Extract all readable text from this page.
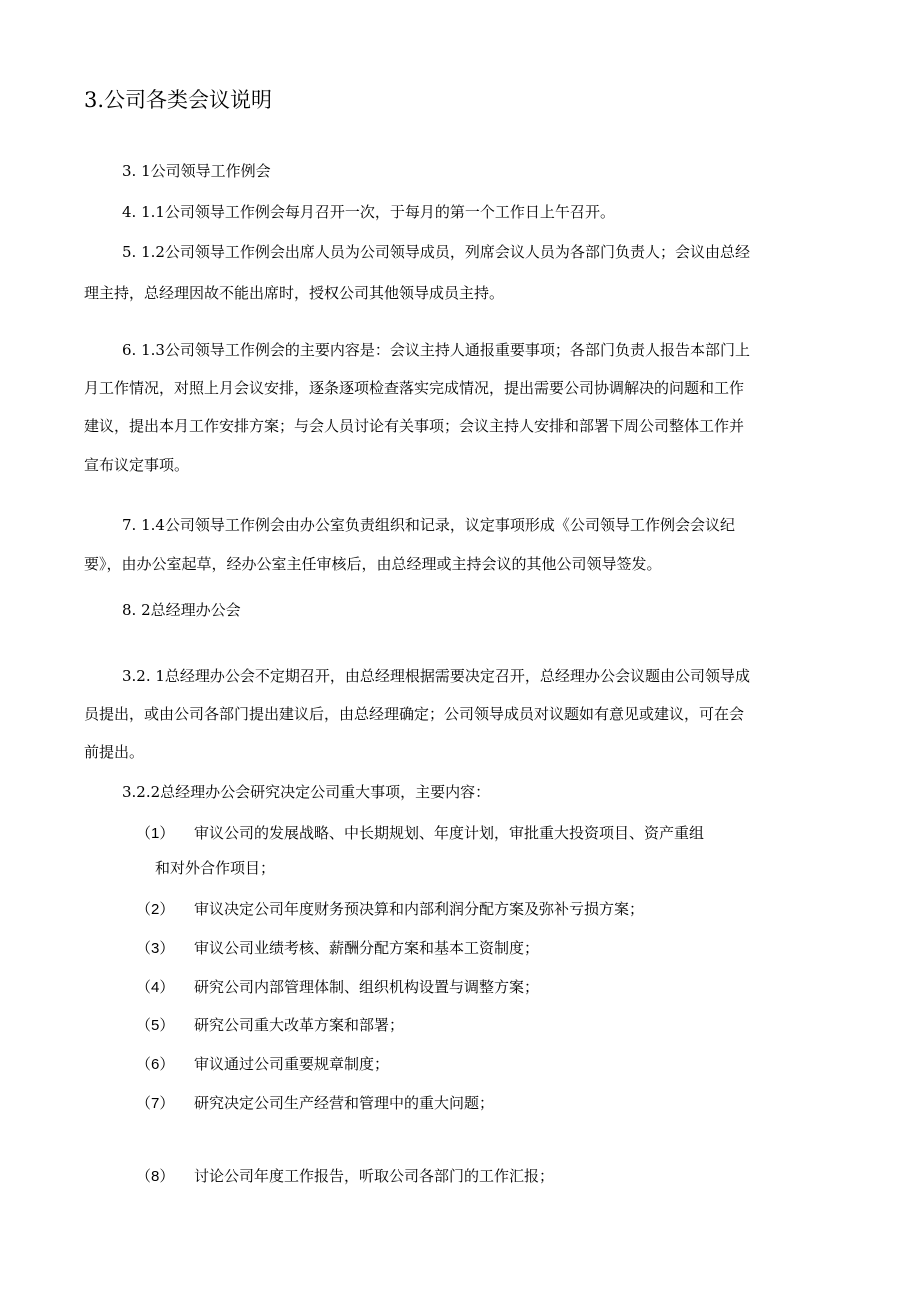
3.公司各类会议说明
3. 1公司领导工作例会
4. 1.1公司领导工作例会每月召开一次，于每月的第一个工作日上午召开。
5. 1.2公司领导工作例会出席人员为公司领导成员，列席会议人员为各部门负责人；会议由总经
理主持，总经理因故不能出席时，授权公司其他领导成员主持。
6. 1.3公司领导工作例会的主要内容是：会议主持人通报重要事项；各部门负责人报告本部门上
月工作情况，对照上月会议安排，逐条逐项检查落实完成情况，提出需要公司协调解决的问题和工作
建议，提出本月工作安排方案；与会人员讨论有关事项；会议主持人安排和部署下周公司整体工作并
宣布议定事项。
7. 1.4公司领导工作例会由办公室负责组织和记录，议定事项形成《公司领导工作例会会议纪
要》，由办公室起草，经办公室主任审核后，由总经理或主持会议的其他公司领导签发。
8. 2总经理办公会
3.2. 1总经理办公会不定期召开，由总经理根据需要决定召开，总经理办公会议题由公司领导成
员提出，或由公司各部门提出建议后，由总经理确定；公司领导成员对议题如有意见或建议，可在会
前提出。
3.2.2总经理办公会研究决定公司重大事项，主要内容：
（1） 审议公司的发展战略、中长期规划、年度计划，审批重大投资项目、资产重组
和对外合作项目；
（2） 审议决定公司年度财务预决算和内部利润分配方案及弥补亏损方案；
（3） 审议公司业绩考核、薪酬分配方案和基本工资制度；
（4） 研究公司内部管理体制、组织机构设置与调整方案；
（5） 研究公司重大改革方案和部署；
（6） 审议通过公司重要规章制度；
（7） 研究决定公司生产经营和管理中的重大问题；
（8） 讨论公司年度工作报告，听取公司各部门的工作汇报；
